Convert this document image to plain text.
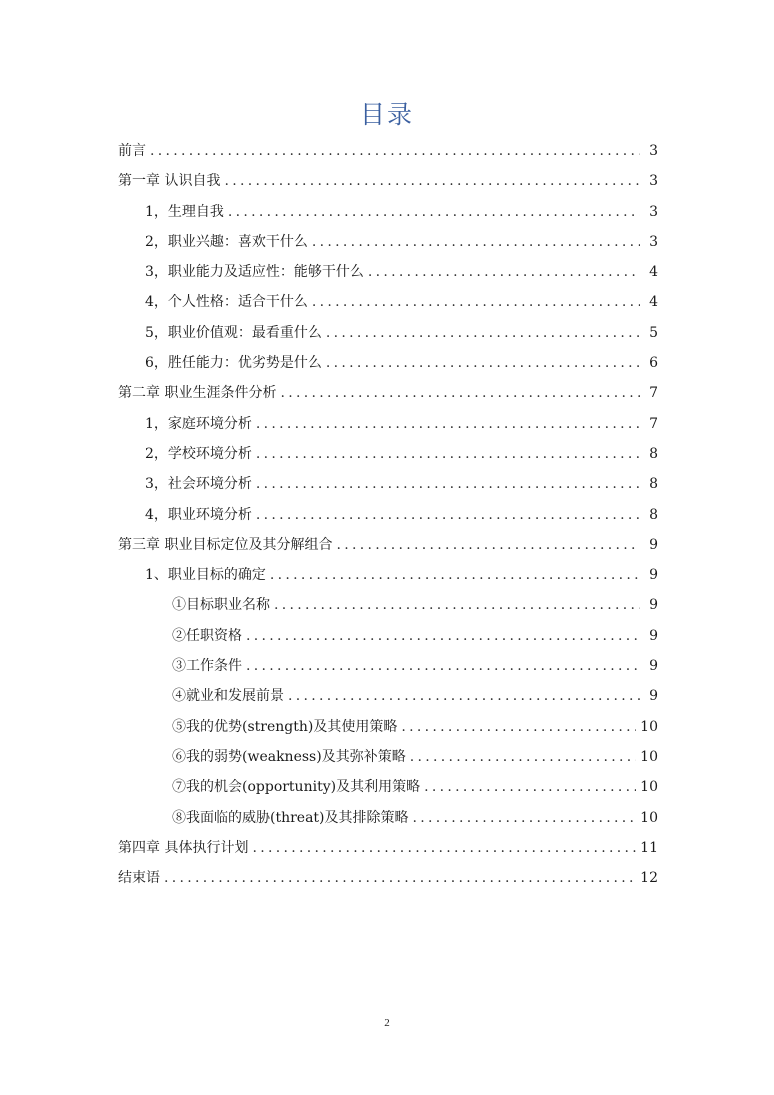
目录
前言 .....	3
第一章 认识自我 .....	3
1，生理自我 .....	3
2，职业兴趣：喜欢干什么 .....	3
3，职业能力及适应性：能够干什么 .....	4
4，个人性格：适合干什么 .....	4
5，职业价值观：最看重什么 .....	5
6，胜任能力：优劣势是什么 .....	6
第二章 职业生涯条件分析 .....	7
1，家庭环境分析 .....	7
2，学校环境分析 .....	8
3，社会环境分析 .....	8
4，职业环境分析 .....	8
第三章 职业目标定位及其分解组合 .....	9
1、职业目标的确定 .....	9
①目标职业名称 .....	9
②任职资格 .....	9
③工作条件 .....	9
④就业和发展前景 .....	9
⑤我的优势(strength)及其使用策略 .....	10
⑥我的弱势(weakness)及其弥补策略 .....	10
⑦我的机会(opportunity)及其利用策略 .....	10
⑧我面临的威胁(threat)及其排除策略 .....	10
第四章 具体执行计划 .....	11
结束语 .....	12
2
